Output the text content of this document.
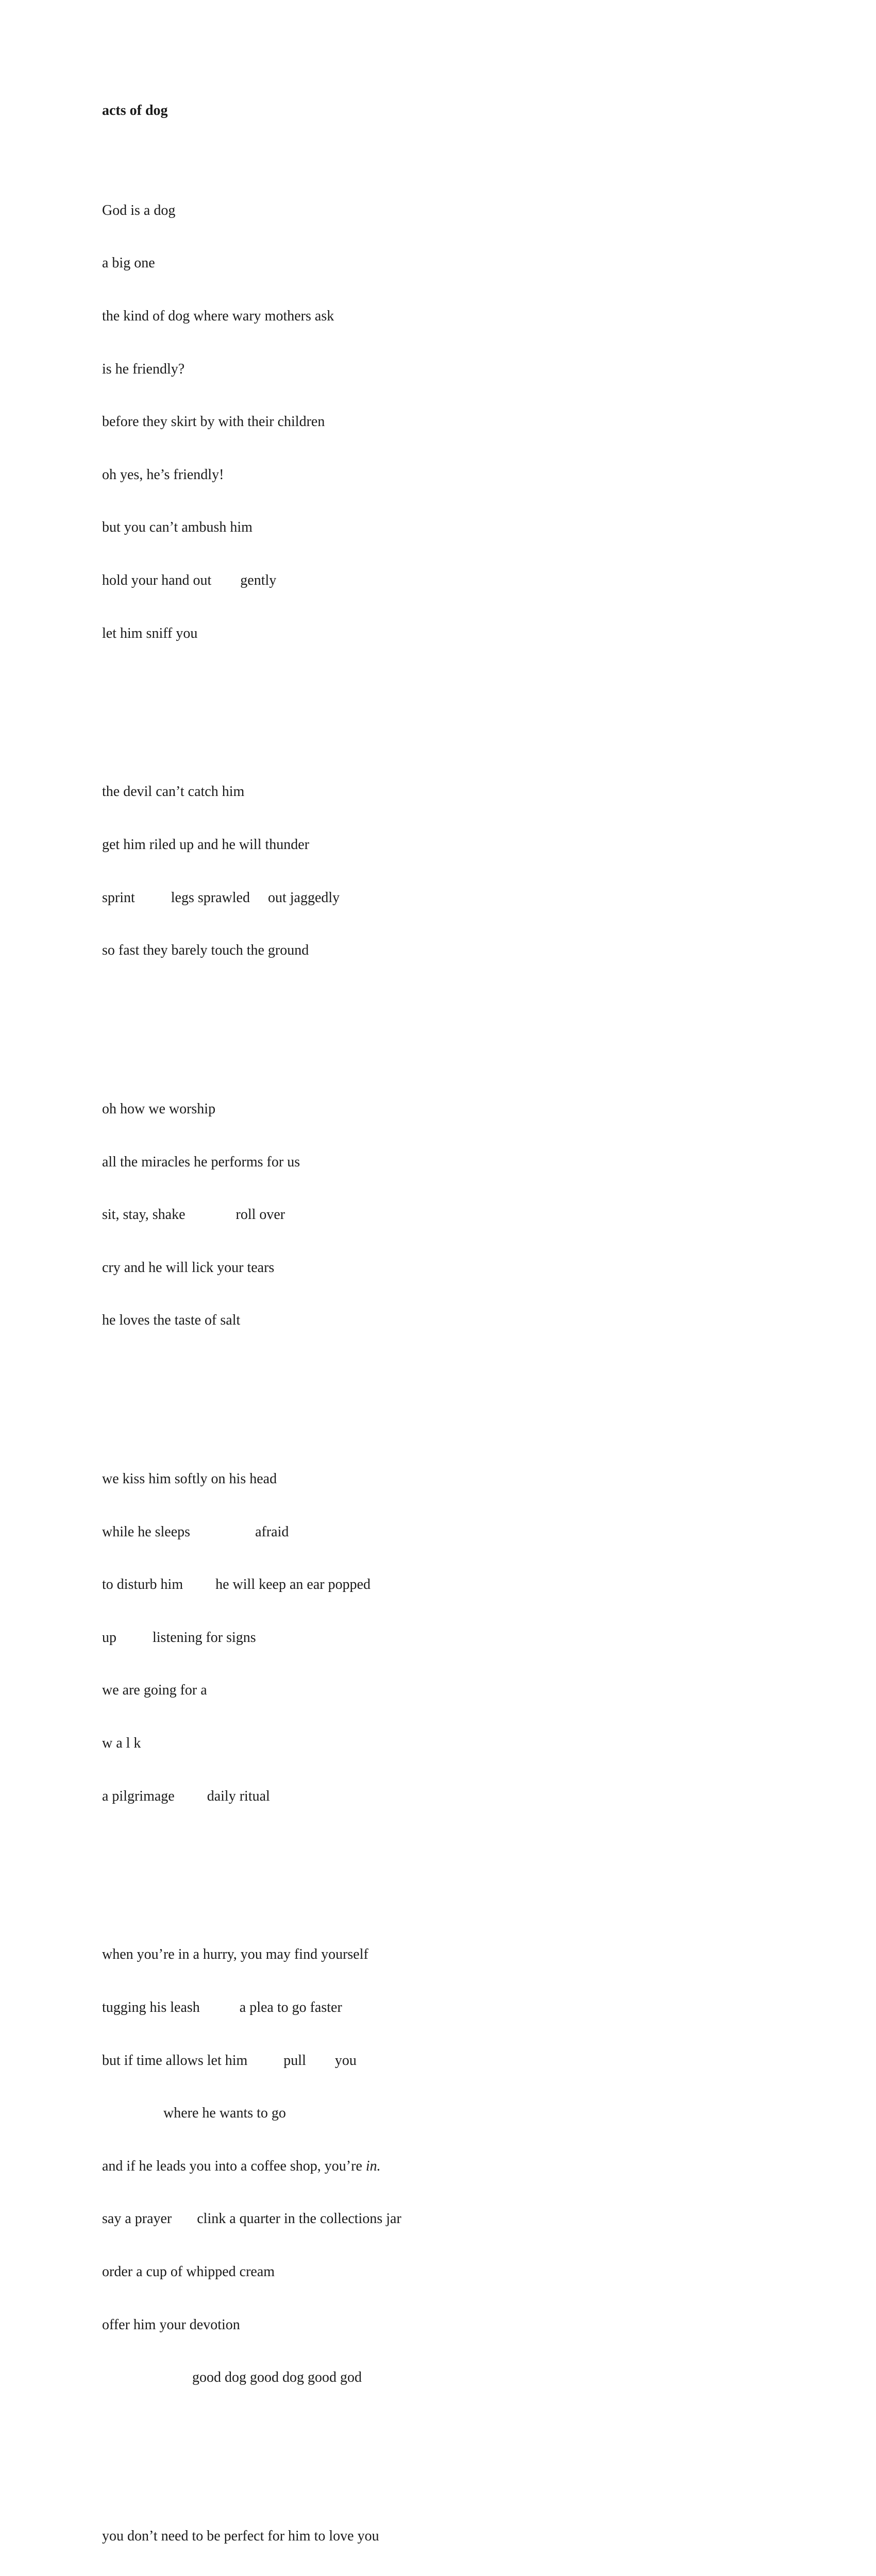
acts of dog

God is a dog

a big one

the kind of dog where wary mothers ask

is he friendly?

before they skirt by with their children

oh yes, he’s friendly!

but you can’t ambush him

hold your hand out        gently

let him sniff you

the devil can’t catch him

get him riled up and he will thunder

sprint          legs sprawled     out jaggedly

so fast they barely touch the ground

oh how we worship

all the miracles he performs for us

sit, stay, shake              roll over

cry and he will lick your tears

he loves the taste of salt

we kiss him softly on his head

while he sleeps                  afraid

to disturb him         he will keep an ear popped

up          listening for signs

we are going for a

w a l k

a pilgrimage         daily ritual

when you’re in a hurry, you may find yourself

tugging his leash           a plea to go faster

but if time allows let him          pull        you

where he wants to go

and if he leads you into a coffee shop, you’re in.

say a prayer       clink a quarter in the collections jar

order a cup of whipped cream

offer him your devotion

good dog good dog good god

you don’t need to be perfect for him to love you
